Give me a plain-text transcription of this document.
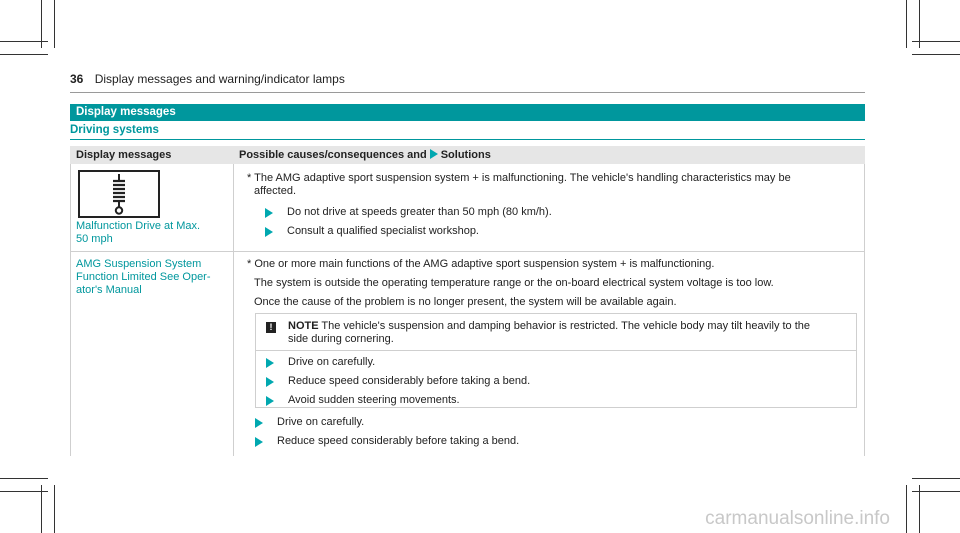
36 Display messages and warning/indicator lamps
Display messages
Driving systems
Display messages	Possible causes/consequences and Solutions
Malfunction Drive at Max.
50 mph
* The AMG adaptive sport suspension system + is malfunctioning. The vehicle's handling characteristics may be
affected.
Do not drive at speeds greater than 50 mph (80 km/h).
Consult a qualified specialist workshop.
AMG Suspension System
Function Limited See Oper-
ator's Manual
* One or more main functions of the AMG adaptive sport suspension system + is malfunctioning.
The system is outside the operating temperature range or the on-board electrical system voltage is too low.
Once the cause of the problem is no longer present, the system will be available again.
!	NOTE The vehicle's suspension and damping behavior is restricted. The vehicle body may tilt heavily to the
side during cornering.
Drive on carefully.
Reduce speed considerably before taking a bend.
Avoid sudden steering movements.
Drive on carefully.
Reduce speed considerably before taking a bend.
carmanualsonline.info
